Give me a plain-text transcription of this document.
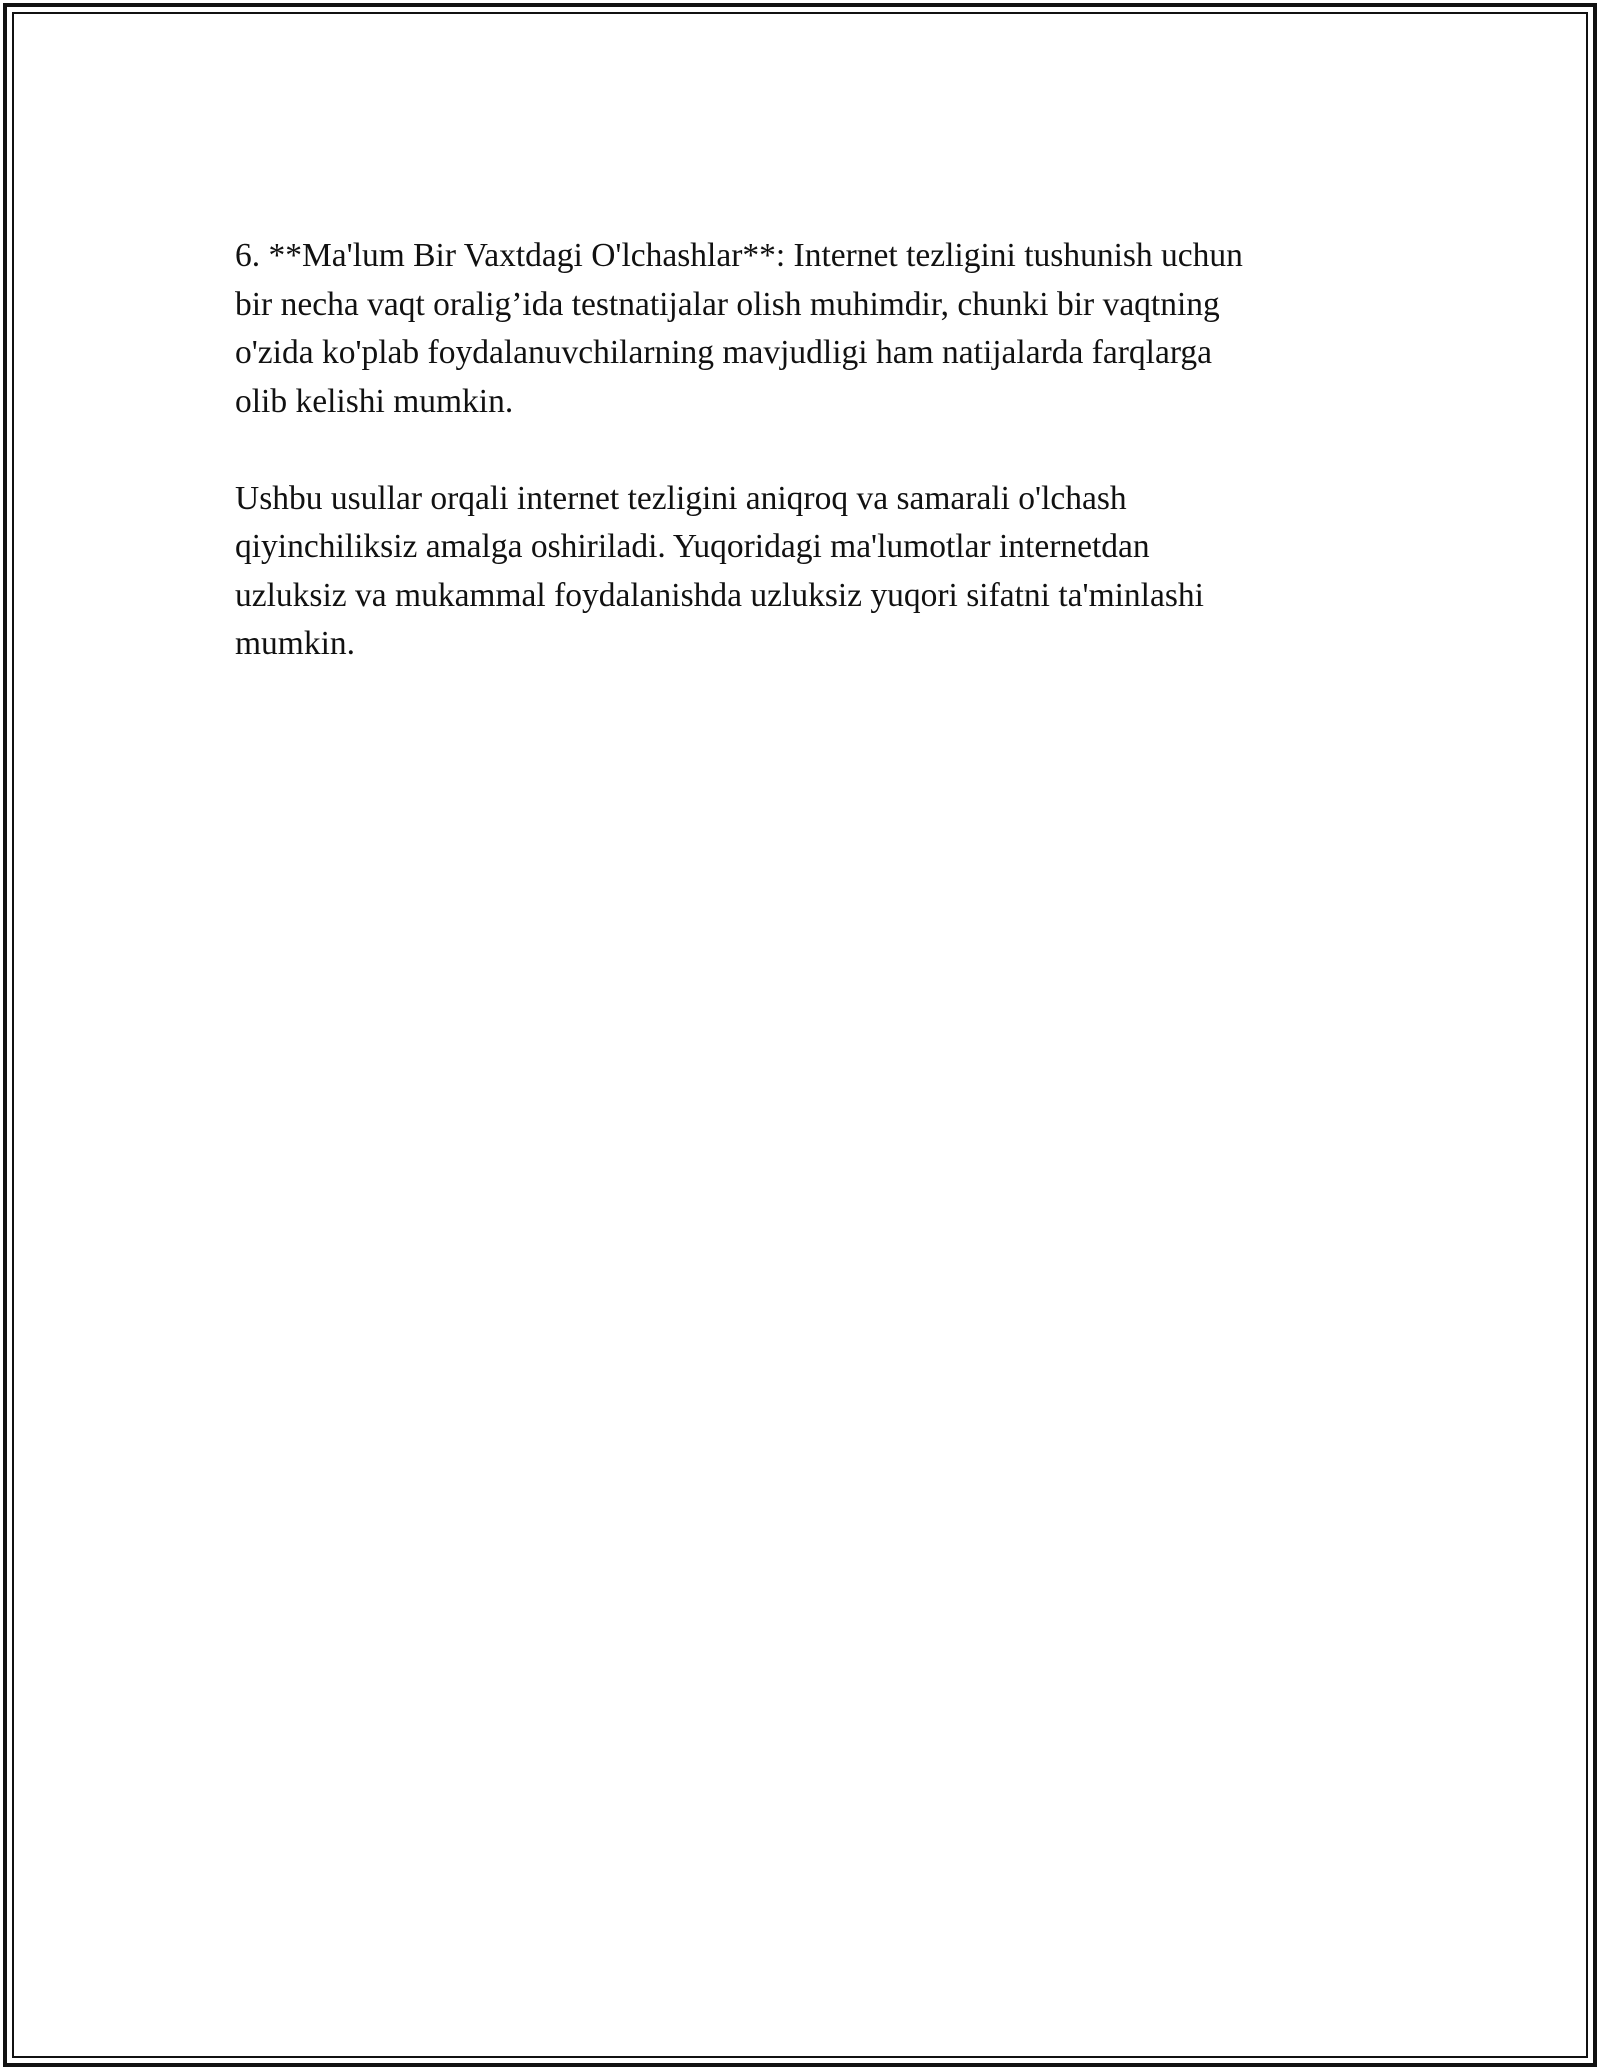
6. **Ma'lum Bir Vaxtdagi O'lchashlar**: Internet tezligini tushunish uchun
bir necha vaqt oralig’ida testnatijalar olish muhimdir, chunki bir vaqtning
o'zida ko'plab foydalanuvchilarning mavjudligi ham natijalarda farqlarga
olib kelishi mumkin.

Ushbu usullar orqali internet tezligini aniqroq va samarali o'lchash
qiyinchiliksiz amalga oshiriladi. Yuqoridagi ma'lumotlar internetdan
uzluksiz va mukammal foydalanishda uzluksiz yuqori sifatni ta'minlashi
mumkin.
